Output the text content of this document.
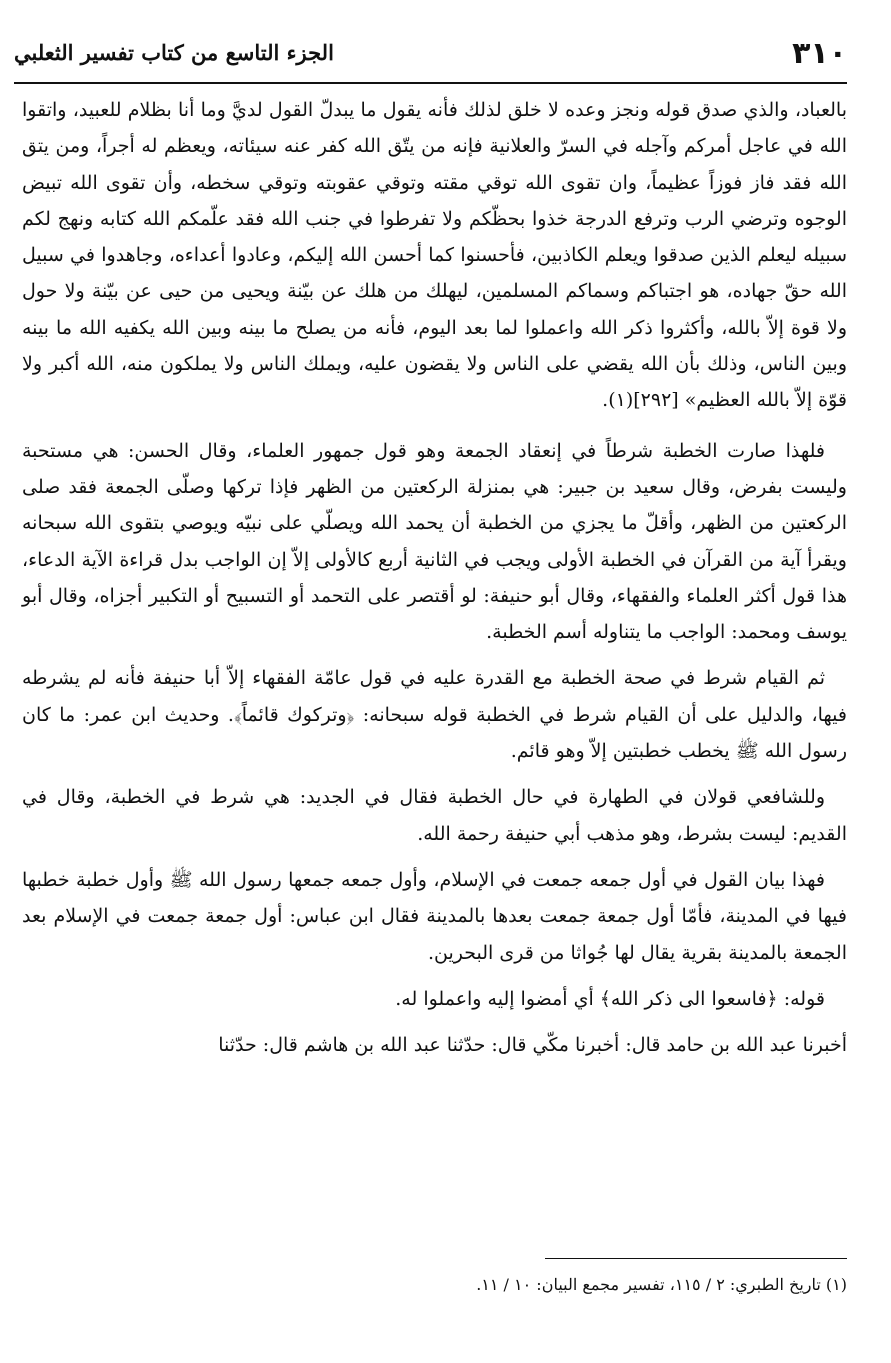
٣١٠
الجزء التاسع من كتاب تفسير الثعلبي

بالعباد، والذي صدق قوله ونجز وعده لا خلق لذلك فأنه يقول ما يبدلّ القول لديَّ وما أنا بظلام للعبيد، واتقوا الله في عاجل أمركم وآجله في السرّ والعلانية فإنه من يتّق الله كفر عنه سيئاته، ويعظم له أجراً، ومن يتق الله فقد فاز فوزاً عظيماً، وان تقوى الله توقي مقته وتوقي عقوبته وتوقي سخطه، وأن تقوى الله تبيض الوجوه وترضي الرب وترفع الدرجة خذوا بحظّكم ولا تفرطوا في جنب الله فقد علّمكم الله كتابه ونهج لكم سبيله ليعلم الذين صدقوا ويعلم الكاذبين، فأحسنوا كما أحسن الله إليكم، وعادوا أعداءه، وجاهدوا في سبيل الله حقّ جهاده، هو اجتباكم وسماكم المسلمين، ليهلك من هلك عن بيّنة ويحيى من حيى عن بيّنة ولا حول ولا قوة إلاّ بالله، وأكثروا ذكر الله واعملوا لما بعد اليوم، فأنه من يصلح ما بينه وبين الله يكفيه الله ما بينه وبين الناس، وذلك بأن الله يقضي على الناس ولا يقضون عليه، ويملك الناس ولا يملكون منه، الله أكبر ولا قوّة إلاّ بالله العظيم» [٢٩٢](١).

فلهذا صارت الخطبة شرطاً في إنعقاد الجمعة وهو قول جمهور العلماء، وقال الحسن: هي مستحبة وليست بفرض، وقال سعيد بن جبير: هي بمنزلة الركعتين من الظهر فإذا تركها وصلّى الجمعة فقد صلى الركعتين من الظهر، وأقلّ ما يجزي من الخطبة أن يحمد الله ويصلّي على نبيّه ويوصي بتقوى الله سبحانه ويقرأ آية من القرآن في الخطبة الأولى ويجب في الثانية أربع كالأولى إلاّ إن الواجب بدل قراءة الآية الدعاء، هذا قول أكثر العلماء والفقهاء، وقال أبو حنيفة: لو أقتصر على التحمد أو التسبيح أو التكبير أجزاه، وقال أبو يوسف ومحمد: الواجب ما يتناوله أسم الخطبة.

ثم القيام شرط في صحة الخطبة مع القدرة عليه في قول عامّة الفقهاء إلاّ أبا حنيفة فأنه لم يشرطه فيها، والدليل على أن القيام شرط في الخطبة قوله سبحانه: ﴿وتركوك قائماً﴾. وحديث ابن عمر: ما كان رسول الله ﷺ يخطب خطبتين إلاّ وهو قائم.

وللشافعي قولان في الطهارة في حال الخطبة فقال في الجديد: هي شرط في الخطبة، وقال في القديم: ليست بشرط، وهو مذهب أبي حنيفة رحمة الله.

فهذا بيان القول في أول جمعه جمعت في الإسلام، وأول جمعه جمعها رسول الله ﷺ وأول خطبة خطبها فيها في المدينة، فأمّا أول جمعة جمعت بعدها بالمدينة فقال ابن عباس: أول جمعة جمعت في الإسلام بعد الجمعة بالمدينة بقرية يقال لها جُواثا من قرى البحرين.

قوله: ﴿فاسعوا الى ذكر الله﴾ أي أمضوا إليه واعملوا له.

أخبرنا عبد الله بن حامد قال: أخبرنا مكّي قال: حدّثنا عبد الله بن هاشم قال: حدّثنا

(١) تاريخ الطبري: ٢ / ١١٥، تفسير مجمع البيان: ١٠ / ١١.
